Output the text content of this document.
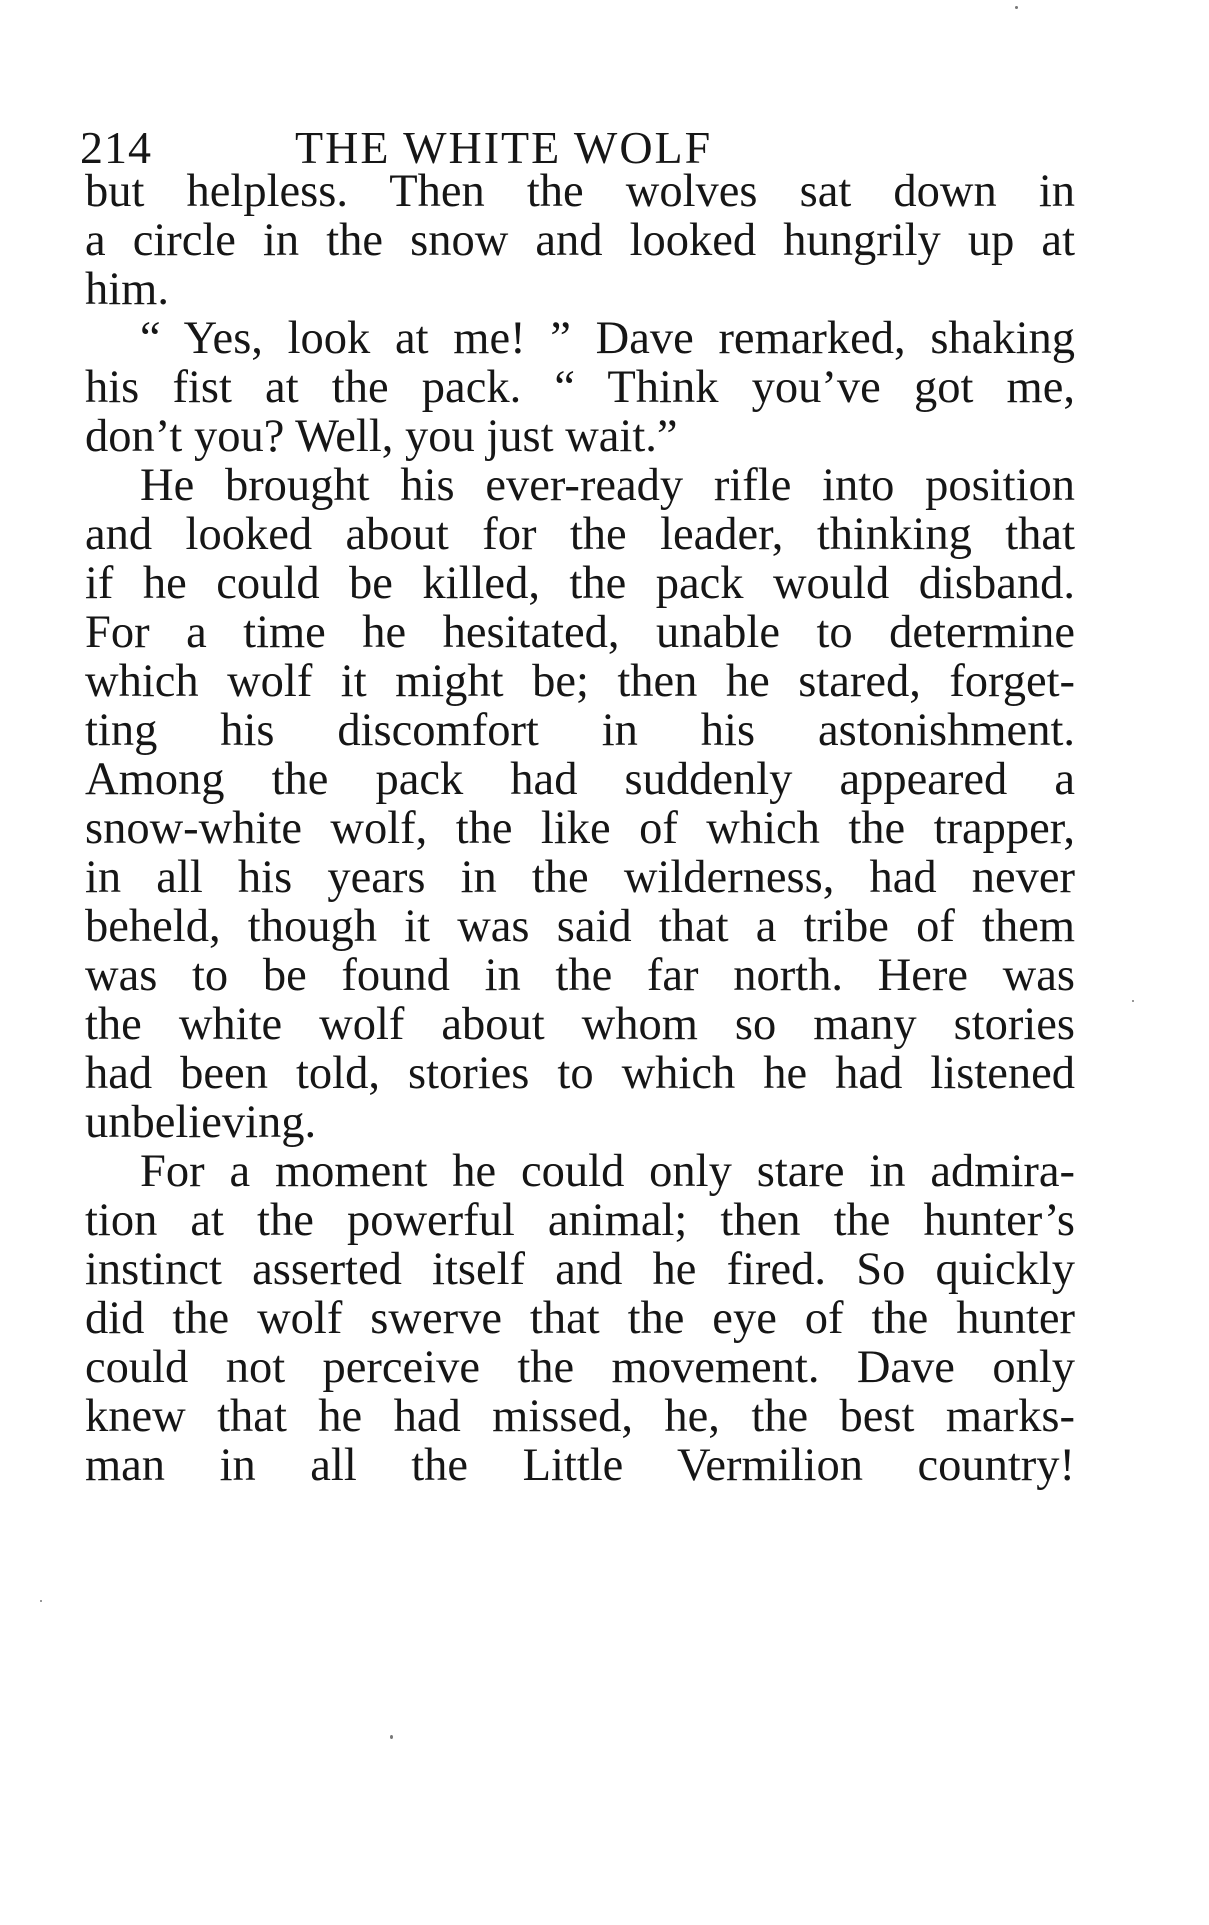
214	THE WHITE WOLF
but helpless. Then the wolves sat down in
a circle in the snow and looked hungrily up at
him.
“ Yes, look at me! ” Dave remarked, shaking
his fist at the pack. “ Think you’ve got me,
don’t you? Well, you just wait.”
He brought his ever-ready rifle into position
and looked about for the leader, thinking that
if he could be killed, the pack would disband.
For a time he hesitated, unable to determine
which wolf it might be; then he stared, forget-
ting his discomfort in his astonishment.
Among the pack had suddenly appeared a
snow-white wolf, the like of which the trapper,
in all his years in the wilderness, had never
beheld, though it was said that a tribe of them
was to be found in the far north. Here was
the white wolf about whom so many stories
had been told, stories to which he had listened
unbelieving.
For a moment he could only stare in admira-
tion at the powerful animal; then the hunter’s
instinct asserted itself and he fired. So quickly
did the wolf swerve that the eye of the hunter
could not perceive the movement. Dave only
knew that he had missed, he, the best marks-
man in all the Little Vermilion country!
